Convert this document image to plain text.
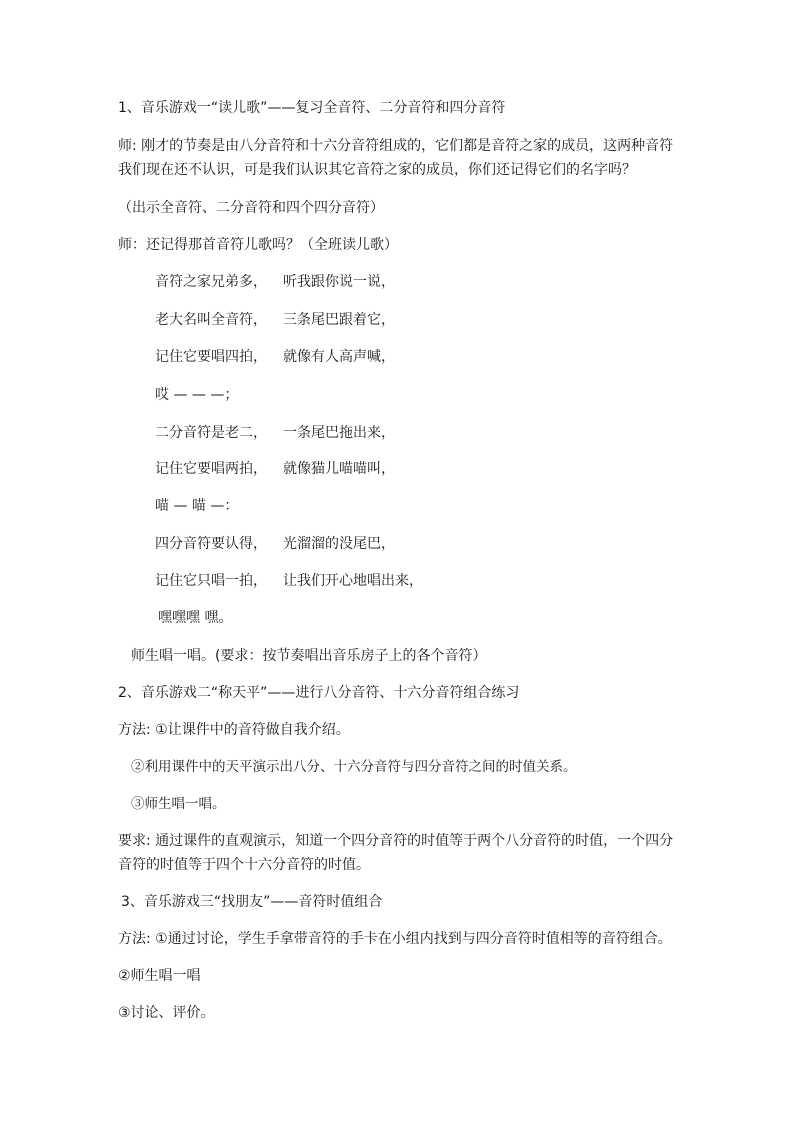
1、音乐游戏一“读儿歌”——复习全音符、二分音符和四分音符
师: 刚才的节奏是由八分音符和十六分音符组成的，它们都是音符之家的成员，这两种音符
我们现在还不认识，可是我们认识其它音符之家的成员，你们还记得它们的名字吗？
（出示全音符、二分音符和四个四分音符）
师：还记得那首音符儿歌吗？（全班读儿歌）
音符之家兄弟多， 听我跟你说一说，
老大名叫全音符， 三条尾巴跟着它，
记住它要唱四拍， 就像有人高声喊，
哎 — — —；
二分音符是老二， 一条尾巴拖出来，
记住它要唱两拍， 就像猫儿喵喵叫，
喵 — 喵 —：
四分音符要认得， 光溜溜的没尾巴，
记住它只唱一拍， 让我们开心地唱出来，
嘿嘿嘿 嘿。
师生唱一唱。(要求：按节奏唱出音乐房子上的各个音符）
2、音乐游戏二“称天平”——进行八分音符、十六分音符组合练习
方法: ①让课件中的音符做自我介绍。
②利用课件中的天平演示出八分、十六分音符与四分音符之间的时值关系。
③师生唱一唱。
要求: 通过课件的直观演示，知道一个四分音符的时值等于两个八分音符的时值，一个四分
音符的时值等于四个十六分音符的时值。
3、音乐游戏三“找朋友”——音符时值组合
方法: ①通过讨论，学生手拿带音符的手卡在小组内找到与四分音符时值相等的音符组合。
②师生唱一唱
③讨论、评价。
